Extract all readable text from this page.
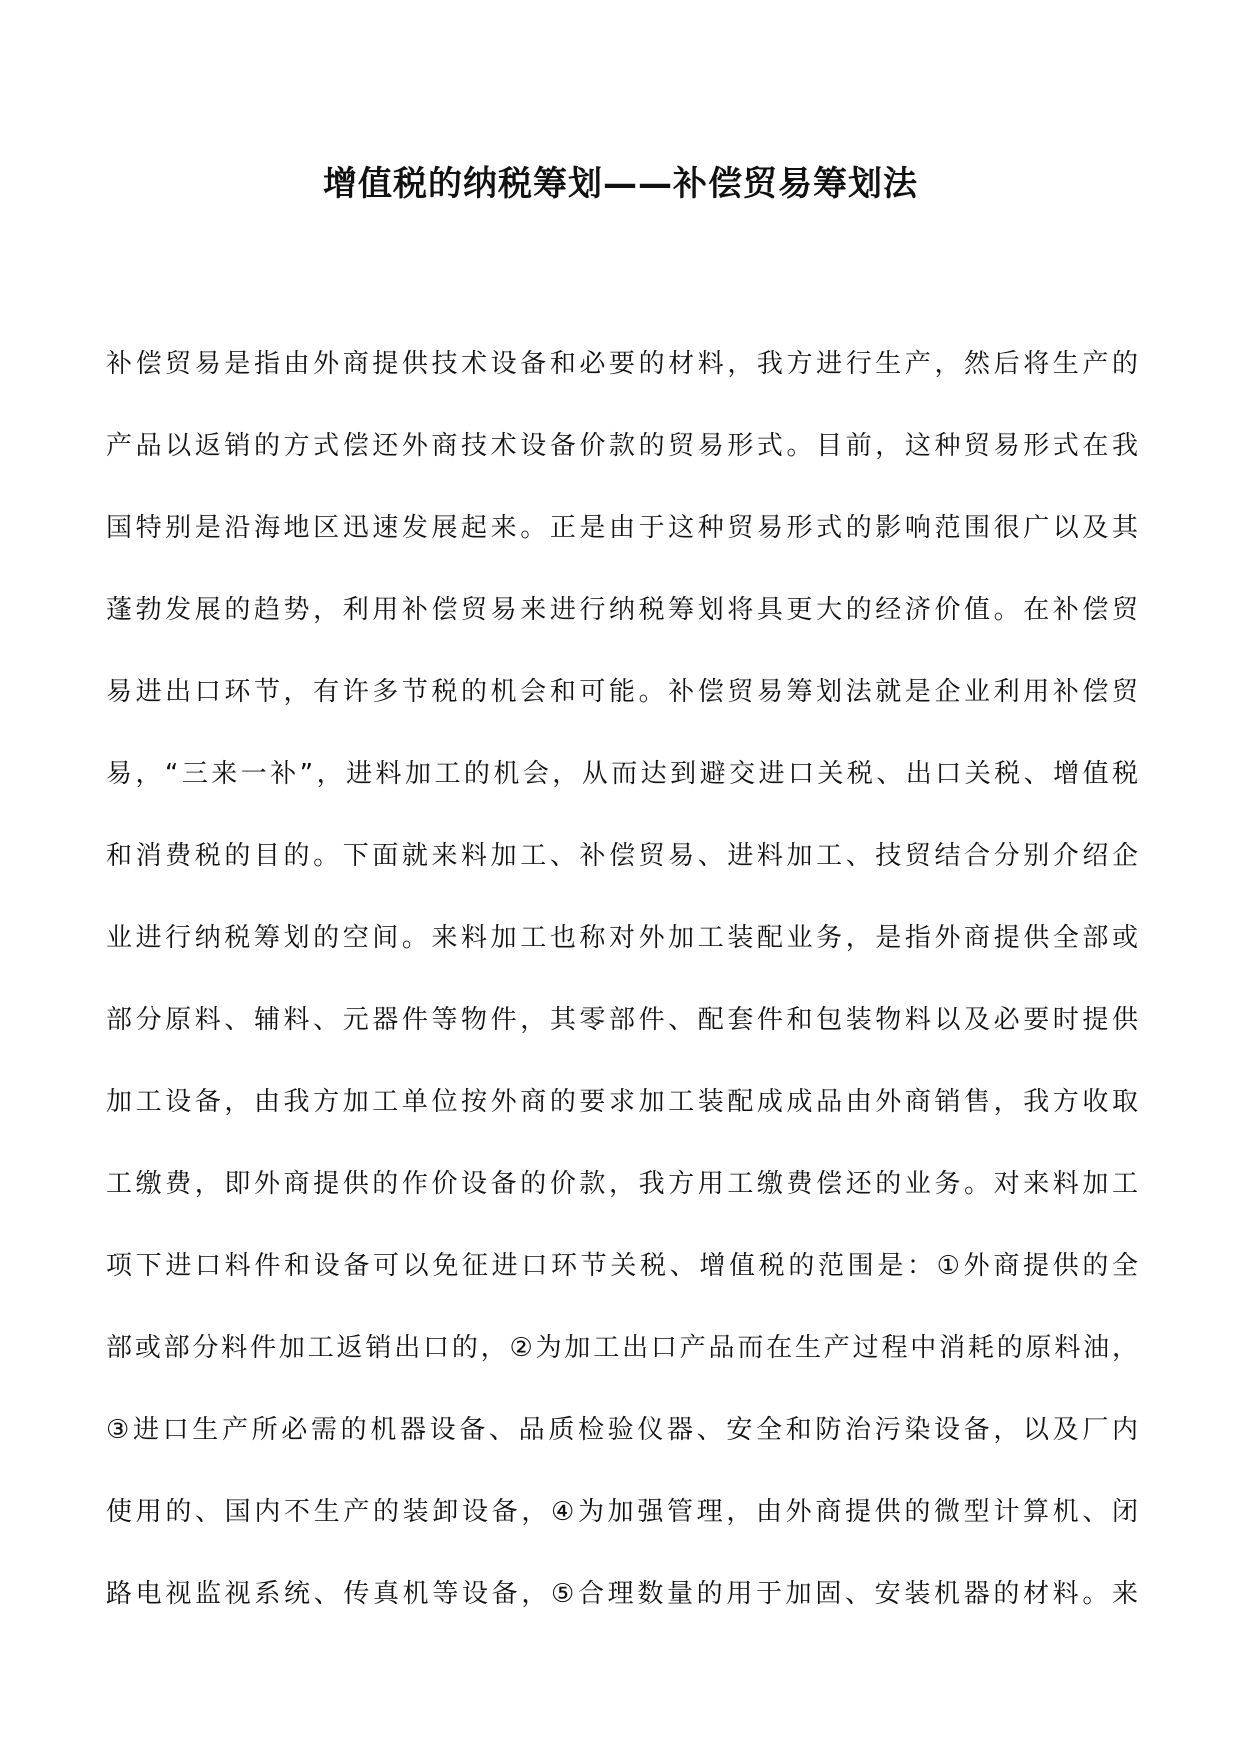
增值税的纳税筹划——补偿贸易筹划法
补偿贸易是指由外商提供技术设备和必要的材料，我方进行生产，然后将生产的
产品以返销的方式偿还外商技术设备价款的贸易形式。目前，这种贸易形式在我
国特别是沿海地区迅速发展起来。正是由于这种贸易形式的影响范围很广以及其
蓬勃发展的趋势，利用补偿贸易来进行纳税筹划将具更大的经济价值。在补偿贸
易进出口环节，有许多节税的机会和可能。补偿贸易筹划法就是企业利用补偿贸
易，“三来一补”，进料加工的机会，从而达到避交进口关税、出口关税、增值税
和消费税的目的。下面就来料加工、补偿贸易、进料加工、技贸结合分别介绍企
业进行纳税筹划的空间。来料加工也称对外加工装配业务，是指外商提供全部或
部分原料、辅料、元器件等物件，其零部件、配套件和包装物料以及必要时提供
加工设备，由我方加工单位按外商的要求加工装配成成品由外商销售，我方收取
工缴费，即外商提供的作价设备的价款，我方用工缴费偿还的业务。对来料加工
项下进口料件和设备可以免征进口环节关税、增值税的范围是：①外商提供的全
部或部分料件加工返销出口的，②为加工出口产品而在生产过程中消耗的原料油，
③进口生产所必需的机器设备、品质检验仪器、安全和防治污染设备，以及厂内
使用的、国内不生产的装卸设备，④为加强管理，由外商提供的微型计算机、闭
路电视监视系统、传真机等设备，⑤合理数量的用于加固、安装机器的材料。来
